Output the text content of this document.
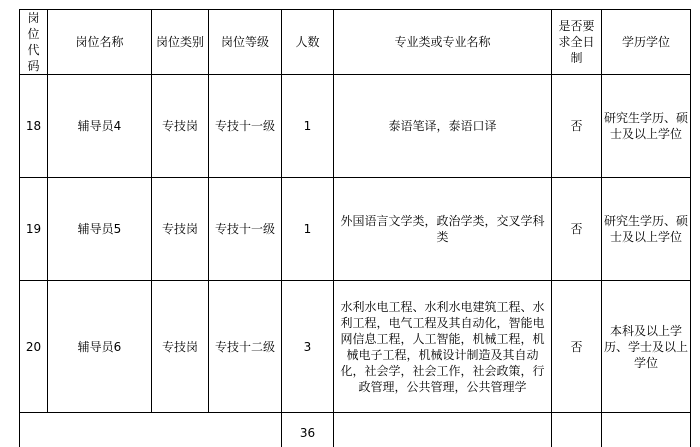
岗位代码	岗位名称	岗位类别	岗位等级	人数	专业类或专业名称	是否要求全日制	学历学位
18	辅导员4	专技岗	专技十一级	1	泰语笔译，泰语口译	否	研究生学历、硕士及以上学位
19	辅导员5	专技岗	专技十一级	1	外国语言文学类，政治学类，交叉学科类	否	研究生学历、硕士及以上学位
20	辅导员6	专技岗	专技十二级	3	水利水电工程、水利水电建筑工程、水利工程，电气工程及其自动化，智能电网信息工程，人工智能，机械工程，机械电子工程，机械设计制造及其自动化，社会学，社会工作，社会政策，行政管理，公共管理，公共管理学	否	本科及以上学历、学士及以上学位
				36			
